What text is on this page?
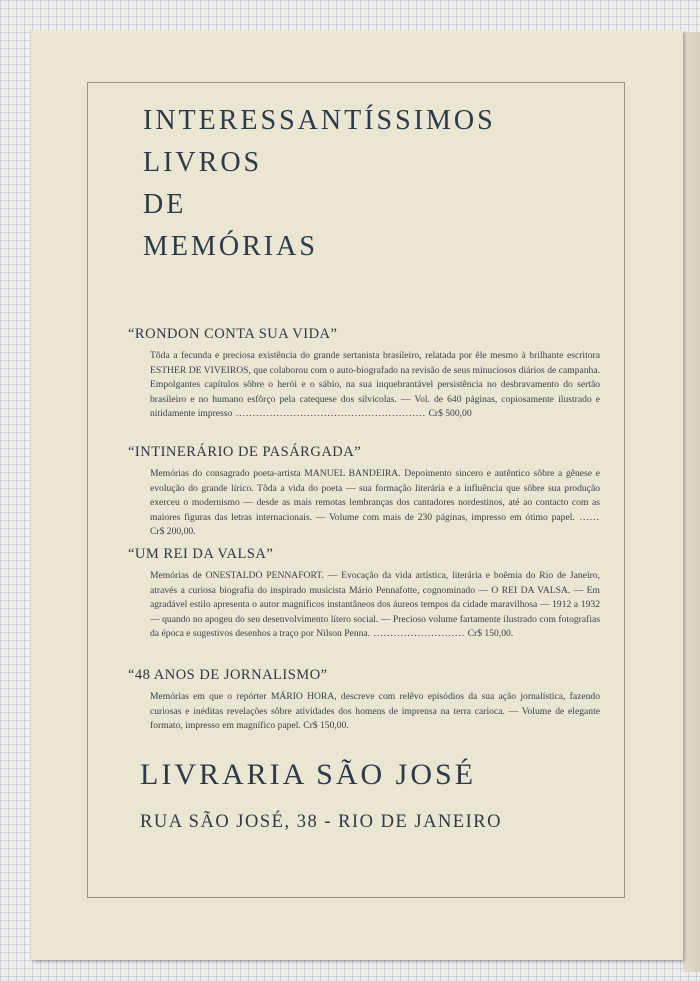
INTERESSANTÍSSIMOS
LIVROS
DE
MEMÓRIAS
“RONDON CONTA SUA VIDA”

Tôda a fecunda e preciosa existência do grande sertanista brasileiro, relatada por êle mesmo à brilhante escritora ESTHER DE VIVEIROS, que colaborou com o auto-biografado na revisão de seus minuciosos diários de campanha. Empolgantes capítulos sôbre o herói e o sábio, na sua inquebrantável persistência no desbravamento do sertão brasileiro e no humano esfôrço pela catequese dos silvícolas. — Vol. de 640 páginas, copiosamente ilustrado e nitidamente impresso ........................................................ Cr$ 500,00

“INTINERÁRIO DE PASÁRGADA”

Memórias do consagrado poeta-artista MANUEL BANDEIRA. Depoimento sincero e autêntico sôbre a gênese e evolução do grande lírico. Tôda a vida do poeta — sua formação literária e a influência que sôbre sua produção exerceu o modernismo — desde as mais remotas lembranças dos cantadores nordestinos, até ao contacto com as maiores figuras das letras internacionais. — Volume com mais de 230 páginas, impresso em ótimo papel. ...... Cr$ 200,00.

“UM REI DA VALSA”

Memórias de ONESTALDO PENNAFORT. — Evocação da vida artística, literária e boêmia do Rio de Janeiro, através a curiosa biografia do inspirado musicista Mário Pennafotte, cognominado — O REI DA VALSA. — Em agradável estilo apresenta o autor magníficos instantâneos dos áureos tempos da cidade maravilhosa — 1912 a 1932 — quando no apogeu do seu desenvolvimento lítero social. — Precioso volume fartamente ilustrado com fotografias da época e sugestivos desenhos a traço por Nilson Penna. ........................... Cr$ 150,00.

“48 ANOS DE JORNALISMO”

Memórias em que o repórter MÁRIO HORA, descreve com relêvo episódios da sua ação jornalística, fazendo curiosas e inéditas revelações sôbre atividades dos homens de imprensa na terra carioca. — Volume de elegante formato, impresso em magnífico papel. Cr$ 150,00.

LIVRARIA SÃO JOSÉ

RUA SÃO JOSÉ, 38 - RIO DE JANEIRO
